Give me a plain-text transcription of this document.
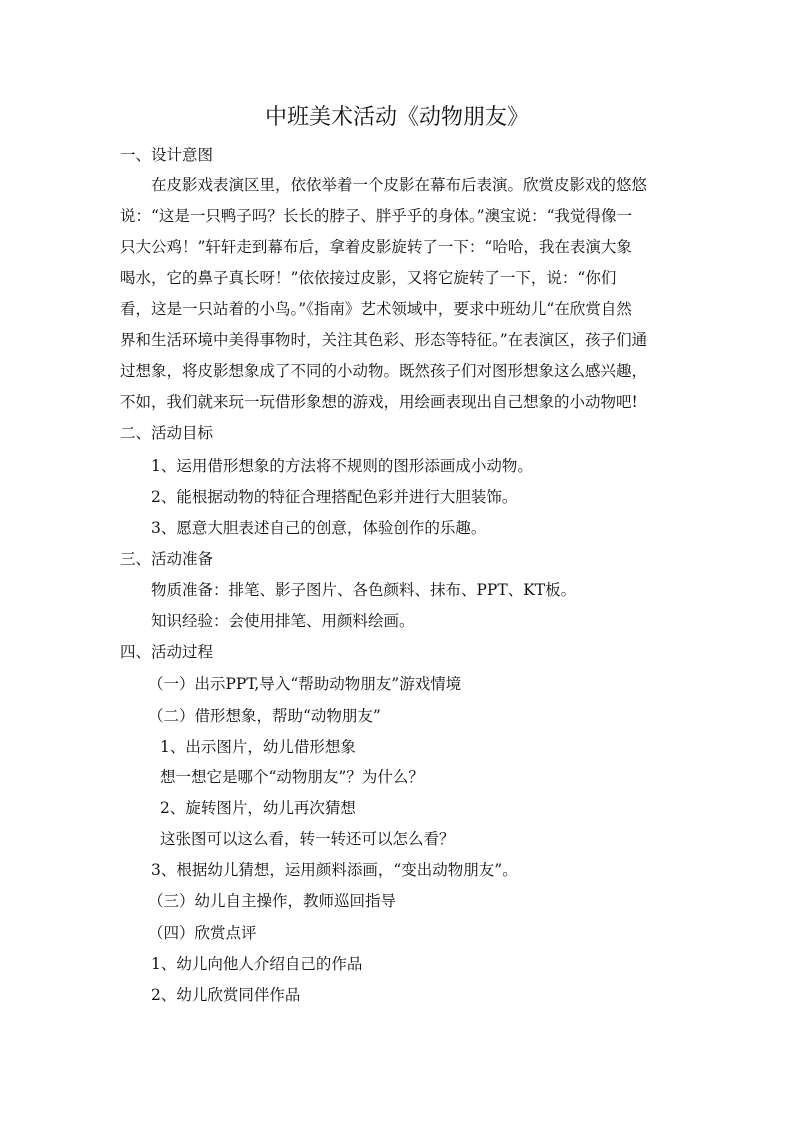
中班美术活动《动物朋友》
一、设计意图
在皮影戏表演区里，依依举着一个皮影在幕布后表演。欣赏皮影戏的悠悠
说：“这是一只鸭子吗？长长的脖子、胖乎乎的身体。”澳宝说：“我觉得像一
只大公鸡！”轩轩走到幕布后，拿着皮影旋转了一下：“哈哈，我在表演大象
喝水，它的鼻子真长呀！”依依接过皮影，又将它旋转了一下，说：“你们
看，这是一只站着的小鸟。”《指南》艺术领域中，要求中班幼儿“在欣赏自然
界和生活环境中美得事物时，关注其色彩、形态等特征。”在表演区，孩子们通
过想象，将皮影想象成了不同的小动物。既然孩子们对图形想象这么感兴趣，
不如，我们就来玩一玩借形象想的游戏，用绘画表现出自己想象的小动物吧!
二、活动目标
1、运用借形想象的方法将不规则的图形添画成小动物。
2、能根据动物的特征合理搭配色彩并进行大胆装饰。
3、愿意大胆表述自己的创意，体验创作的乐趣。
三、活动准备
物质准备：排笔、影子图片、各色颜料、抹布、PPT、KT板。
知识经验：会使用排笔、用颜料绘画。
四、活动过程
（一）出示PPT,导入“帮助动物朋友”游戏情境
（二）借形想象，帮助“动物朋友”
1、出示图片，幼儿借形想象
想一想它是哪个“动物朋友”？为什么？
2、旋转图片，幼儿再次猜想
这张图可以这么看，转一转还可以怎么看？
3、根据幼儿猜想，运用颜料添画，“变出动物朋友”。
（三）幼儿自主操作，教师巡回指导
（四）欣赏点评
1、幼儿向他人介绍自己的作品
2、幼儿欣赏同伴作品
